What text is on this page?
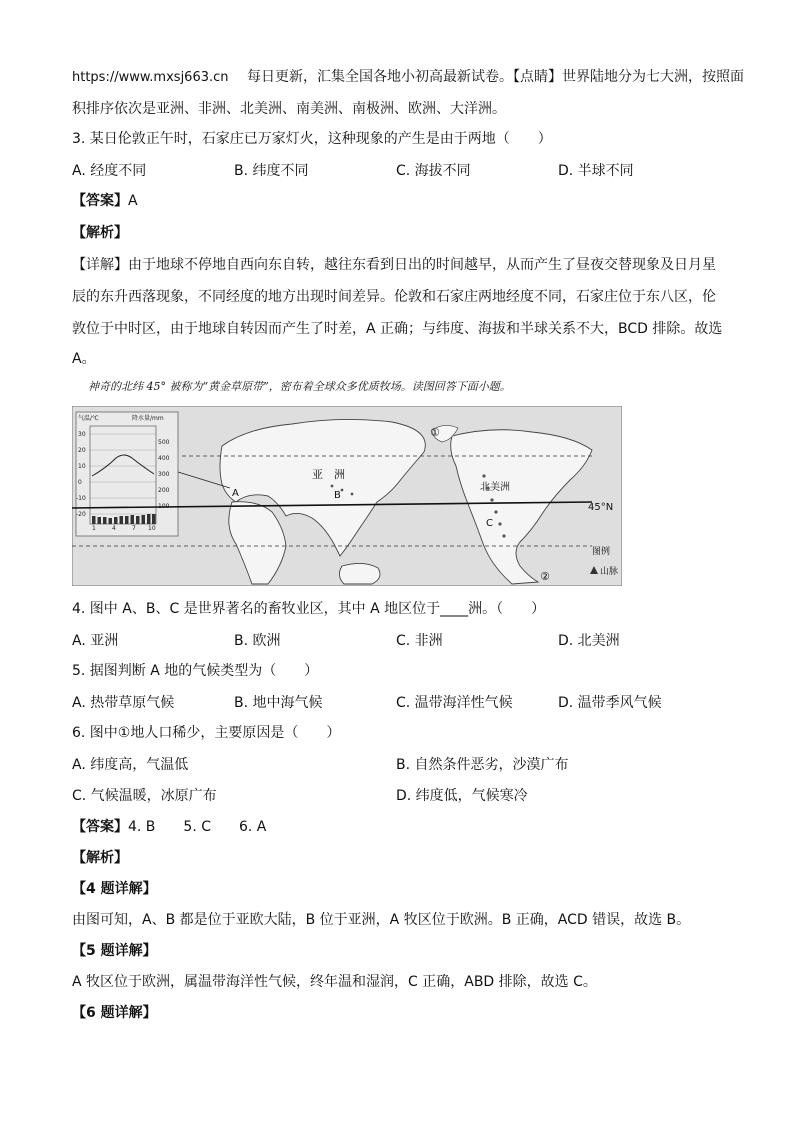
https://www.mxsj663.cn　 每日更新，汇集全国各地小初高最新试卷。【点睛】世界陆地分为七大洲，按照面
积排序依次是亚洲、非洲、北美洲、南美洲、南极洲、欧洲、大洋洲。
3. 某日伦敦正午时，石家庄已万家灯火，这种现象的产生是由于两地（　　）
A. 经度不同	B. 纬度不同	C. 海拔不同	D. 半球不同
【答案】A
【解析】
【详解】由于地球不停地自西向东自转，越往东看到日出的时间越早，从而产生了昼夜交替现象及日月星
辰的东升西落现象，不同经度的地方出现时间差异。伦敦和石家庄两地经度不同，石家庄位于东八区，伦
敦位于中时区，由于地球自转因而产生了时差，A 正确；与纬度、海拔和半球关系不大，BCD 排除。故选
A。
神奇的北纬 45° 被称为“黄金草原带”，密布着全球众多优质牧场。读图回答下面小题。
气温/℃	降水量/mm
30
20
10
0
-10
-20
500
400
300
200
1	4	7 10
亚　洲
北美洲
A	B
C
①
②
45°N
图例
山脉
4. 图中 A、B、C 是世界著名的畜牧业区，其中 A 地区位于____洲。（　　）
A. 亚洲	B. 欧洲	C. 非洲	D. 北美洲
5. 据图判断 A 地的气候类型为（　　）
A. 热带草原气候	B. 地中海气候	C. 温带海洋性气候	D. 温带季风气候
6. 图中①地人口稀少，主要原因是（　　）
A. 纬度高，气温低	B. 自然条件恶劣，沙漠广布
C. 气候温暖，冰原广布	D. 纬度低，气候寒冷
【答案】4. B　　5. C　　6. A
【解析】
【4 题详解】
由图可知，A、B 都是位于亚欧大陆，B 位于亚洲，A 牧区位于欧洲。B 正确，ACD 错误，故选 B。
【5 题详解】
A 牧区位于欧洲，属温带海洋性气候，终年温和湿润，C 正确，ABD 排除，故选 C。
【6 题详解】
